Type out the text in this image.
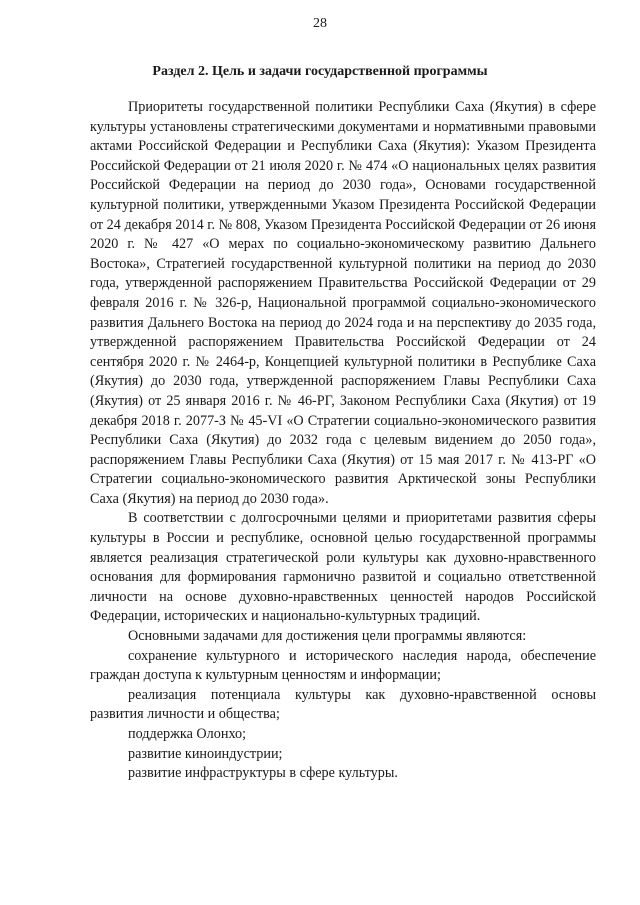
28
Раздел 2. Цель и задачи государственной программы

Приоритеты государственной политики Республики Саха (Якутия) в сфере культуры установлены стратегическими документами и нормативными правовыми актами Российской Федерации и Республики Саха (Якутия): Указом Президента Российской Федерации от 21 июля 2020 г. № 474 «О национальных целях развития Российской Федерации на период до 2030 года», Основами государственной культурной политики, утвержденными Указом Президента Российской Федерации от 24 декабря 2014 г. № 808, Указом Президента Российской Федерации от 26 июня 2020 г. № 427 «О мерах по социально-экономическому развитию Дальнего Востока», Стратегией государственной культурной политики на период до 2030 года, утвержденной распоряжением Правительства Российской Федерации от 29 февраля 2016 г. № 326-р, Национальной программой социально-экономического развития Дальнего Востока на период до 2024 года и на перспективу до 2035 года, утвержденной распоряжением Правительства Российской Федерации от 24 сентября 2020 г. № 2464-р, Концепцией культурной политики в Республике Саха (Якутия) до 2030 года, утвержденной распоряжением Главы Республики Саха (Якутия) от 25 января 2016 г. № 46-РГ, Законом Республики Саха (Якутия) от 19 декабря 2018 г. 2077-З № 45-VI «О Стратегии социально-экономического развития Республики Саха (Якутия) до 2032 года с целевым видением до 2050 года», распоряжением Главы Республики Саха (Якутия) от 15 мая 2017 г. № 413-РГ «О Стратегии социально-экономического развития Арктической зоны Республики Саха (Якутия) на период до 2030 года».

В соответствии с долгосрочными целями и приоритетами развития сферы культуры в России и республике, основной целью государственной программы является реализация стратегической роли культуры как духовно-нравственного основания для формирования гармонично развитой и социально ответственной личности на основе духовно-нравственных ценностей народов Российской Федерации, исторических и национально-культурных традиций.

Основными задачами для достижения цели программы являются:

сохранение культурного и исторического наследия народа, обеспечение граждан доступа к культурным ценностям и информации;

реализация потенциала культуры как духовно-нравственной основы развития личности и общества;

поддержка Олонхо;

развитие киноиндустрии;

развитие инфраструктуры в сфере культуры.
